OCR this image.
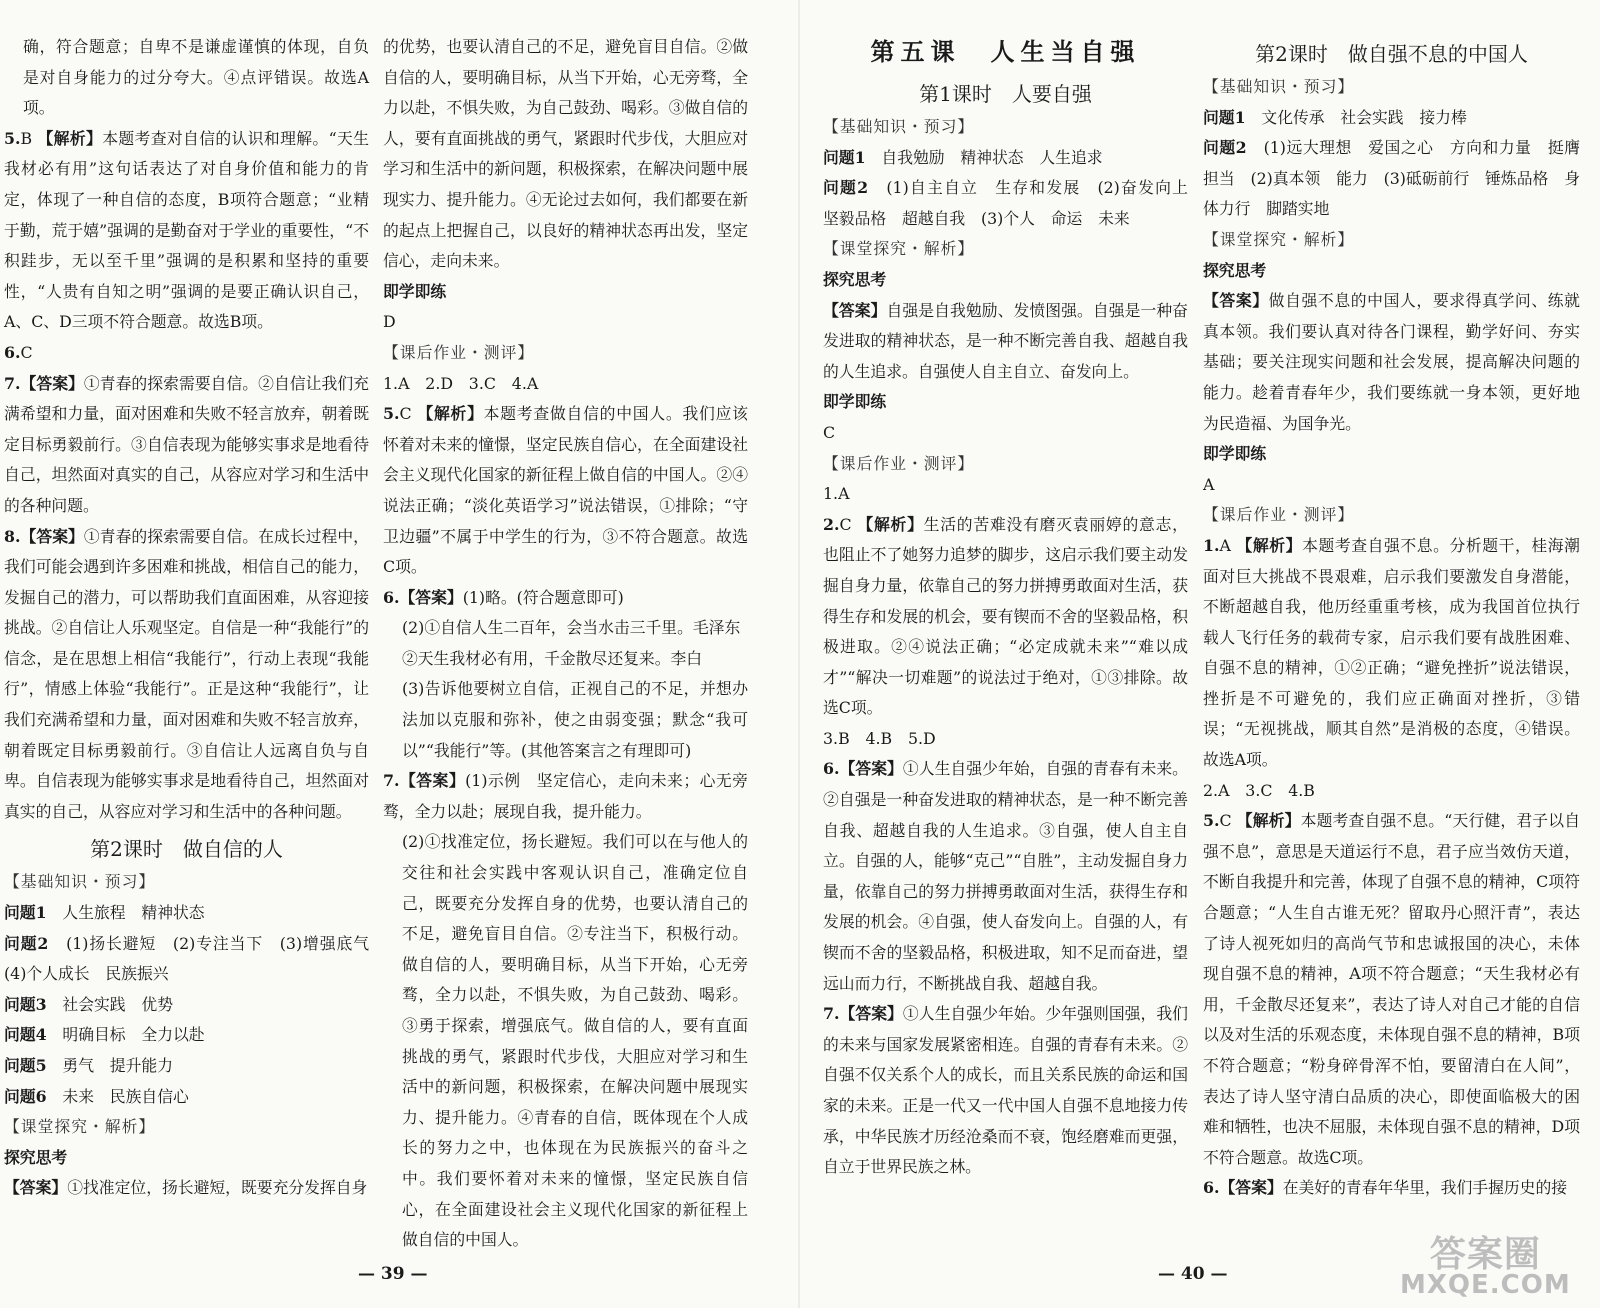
确，符合题意；自卑不是谦虚谨慎的体现，自负是对自身能力的过分夸大。④点评错误。故选A项。

5.B 【解析】本题考查对自信的认识和理解。“天生我材必有用”这句话表达了对自身价值和能力的肯定，体现了一种自信的态度，B项符合题意；“业精于勤，荒于嬉”强调的是勤奋对于学业的重要性，“不积跬步，无以至千里”强调的是积累和坚持的重要性，“人贵有自知之明”强调的是要正确认识自己，A、C、D三项不符合题意。故选B项。

6.C

7.【答案】①青春的探索需要自信。②自信让我们充满希望和力量，面对困难和失败不轻言放弃，朝着既定目标勇毅前行。③自信表现为能够实事求是地看待自己，坦然面对真实的自己，从容应对学习和生活中的各种问题。

8.【答案】①青春的探索需要自信。在成长过程中，我们可能会遇到许多困难和挑战，相信自己的能力，发掘自己的潜力，可以帮助我们直面困难，从容迎接挑战。②自信让人乐观坚定。自信是一种“我能行”的信念，是在思想上相信“我能行”，行动上表现“我能行”，情感上体验“我能行”。正是这种“我能行”，让我们充满希望和力量，面对困难和失败不轻言放弃，朝着既定目标勇毅前行。③自信让人远离自负与自卑。自信表现为能够实事求是地看待自己，坦然面对真实的自己，从容应对学习和生活中的各种问题。

第2课时　做自信的人

【基础知识・预习】

问题1　 人生旅程　精神状态

问题2　 (1)扬长避短　(2)专注当下　(3)增强底气　(4)个人成长　民族振兴

问题3　 社会实践　优势

问题4　 明确目标　全力以赴

问题5　 勇气　提升能力

问题6　 未来　民族自信心

【课堂探究・解析】

探究思考

【答案】①找准定位，扬长避短，既要充分发挥自身

的优势，也要认清自己的不足，避免盲目自信。②做自信的人，要明确目标，从当下开始，心无旁骛，全力以赴，不惧失败，为自己鼓劲、喝彩。③做自信的人，要有直面挑战的勇气，紧跟时代步伐，大胆应对学习和生活中的新问题，积极探索，在解决问题中展现实力、提升能力。④无论过去如何，我们都要在新的起点上把握自己，以良好的精神状态再出发，坚定信心，走向未来。

即学即练

D

【课后作业・测评】

1.A　2.D　3.C　4.A

5.C 【解析】本题考查做自信的中国人。我们应该怀着对未来的憧憬，坚定民族自信心，在全面建设社会主义现代化国家的新征程上做自信的中国人。②④说法正确；“淡化英语学习”说法错误，①排除；“守卫边疆”不属于中学生的行为，③不符合题意。故选C项。

6.【答案】(1)略。(符合题意即可)

(2)①自信人生二百年，会当水击三千里。毛泽东

②天生我材必有用，千金散尽还复来。李白

(3)告诉他要树立自信，正视自己的不足，并想办法加以克服和弥补，使之由弱变强；默念“我可以”“我能行”等。(其他答案言之有理即可)

7.【答案】(1)示例　坚定信心，走向未来；心无旁骛，全力以赴；展现自我，提升能力。

(2)①找准定位，扬长避短。我们可以在与他人的交往和社会实践中客观认识自己，准确定位自己，既要充分发挥自身的优势，也要认清自己的不足，避免盲目自信。②专注当下，积极行动。做自信的人，要明确目标，从当下开始，心无旁骛，全力以赴，不惧失败，为自己鼓劲、喝彩。③勇于探索，增强底气。做自信的人，要有直面挑战的勇气，紧跟时代步伐，大胆应对学习和生活中的新问题，积极探索，在解决问题中展现实力、提升能力。④青春的自信，既体现在个人成长的努力之中，也体现在为民族振兴的奋斗之中。我们要怀着对未来的憧憬，坚定民族自信心，在全面建设社会主义现代化国家的新征程上做自信的中国人。

第五课　人生当自强

第1课时　人要自强

【基础知识・预习】

问题1　 自我勉励　精神状态　人生追求

问题2　 (1)自主自立　生存和发展　(2)奋发向上　坚毅品格　超越自我　(3)个人　命运　未来

【课堂探究・解析】

探究思考

【答案】自强是自我勉励、发愤图强。自强是一种奋发进取的精神状态，是一种不断完善自我、超越自我的人生追求。自强使人自主自立、奋发向上。

即学即练

C

【课后作业・测评】

1.A

2.C 【解析】生活的苦难没有磨灭袁丽婷的意志，也阻止不了她努力追梦的脚步，这启示我们要主动发掘自身力量，依靠自己的努力拼搏勇敢面对生活，获得生存和发展的机会，要有锲而不舍的坚毅品格，积极进取。②④说法正确；“必定成就未来”“难以成才”“解决一切难题”的说法过于绝对，①③排除。故选C项。

3.B　4.B　5.D

6.【答案】①人生自强少年始，自强的青春有未来。②自强是一种奋发进取的精神状态，是一种不断完善自我、超越自我的人生追求。③自强，使人自主自立。自强的人，能够“克己”“自胜”，主动发掘自身力量，依靠自己的努力拼搏勇敢面对生活，获得生存和发展的机会。④自强，使人奋发向上。自强的人，有锲而不舍的坚毅品格，积极进取，知不足而奋进，望远山而力行，不断挑战自我、超越自我。

7.【答案】①人生自强少年始。少年强则国强，我们的未来与国家发展紧密相连。自强的青春有未来。②自强不仅关系个人的成长，而且关系民族的命运和国家的未来。正是一代又一代中国人自强不息地接力传承，中华民族才历经沧桑而不衰，饱经磨难而更强，自立于世界民族之林。

第2课时　做自强不息的中国人

【基础知识・预习】

问题1　 文化传承　社会实践　接力棒

问题2　 (1)远大理想　爱国之心　方向和力量　挺膺担当　(2)真本领　能力　(3)砥砺前行　锤炼品格　身体力行　脚踏实地

【课堂探究・解析】

探究思考

【答案】做自强不息的中国人，要求得真学问、练就真本领。我们要认真对待各门课程，勤学好问、夯实基础；要关注现实问题和社会发展，提高解决问题的能力。趁着青春年少，我们要练就一身本领，更好地为民造福、为国争光。

即学即练

A

【课后作业・测评】

1.A 【解析】本题考查自强不息。分析题干，桂海潮面对巨大挑战不畏艰难，启示我们要激发自身潜能，不断超越自我，他历经重重考核，成为我国首位执行载人飞行任务的载荷专家，启示我们要有战胜困难、自强不息的精神，①②正确；“避免挫折”说法错误，挫折是不可避免的，我们应正确面对挫折，③错误；“无视挑战，顺其自然”是消极的态度，④错误。故选A项。

2.A　3.C　4.B

5.C 【解析】本题考查自强不息。“天行健，君子以自强不息”，意思是天道运行不息，君子应当效仿天道，不断自我提升和完善，体现了自强不息的精神，C项符合题意；“人生自古谁无死？留取丹心照汗青”，表达了诗人视死如归的高尚气节和忠诚报国的决心，未体现自强不息的精神，A项不符合题意；“天生我材必有用，千金散尽还复来”，表达了诗人对自己才能的自信以及对生活的乐观态度，未体现自强不息的精神，B项不符合题意；“粉身碎骨浑不怕，要留清白在人间”，表达了诗人坚守清白品质的决心，即使面临极大的困难和牺牲，也决不屈服，未体现自强不息的精神，D项不符合题意。故选C项。

6.【答案】在美好的青春年华里，我们手握历史的接

— 39 —	— 40 —	答案圈
MXQE.COM
